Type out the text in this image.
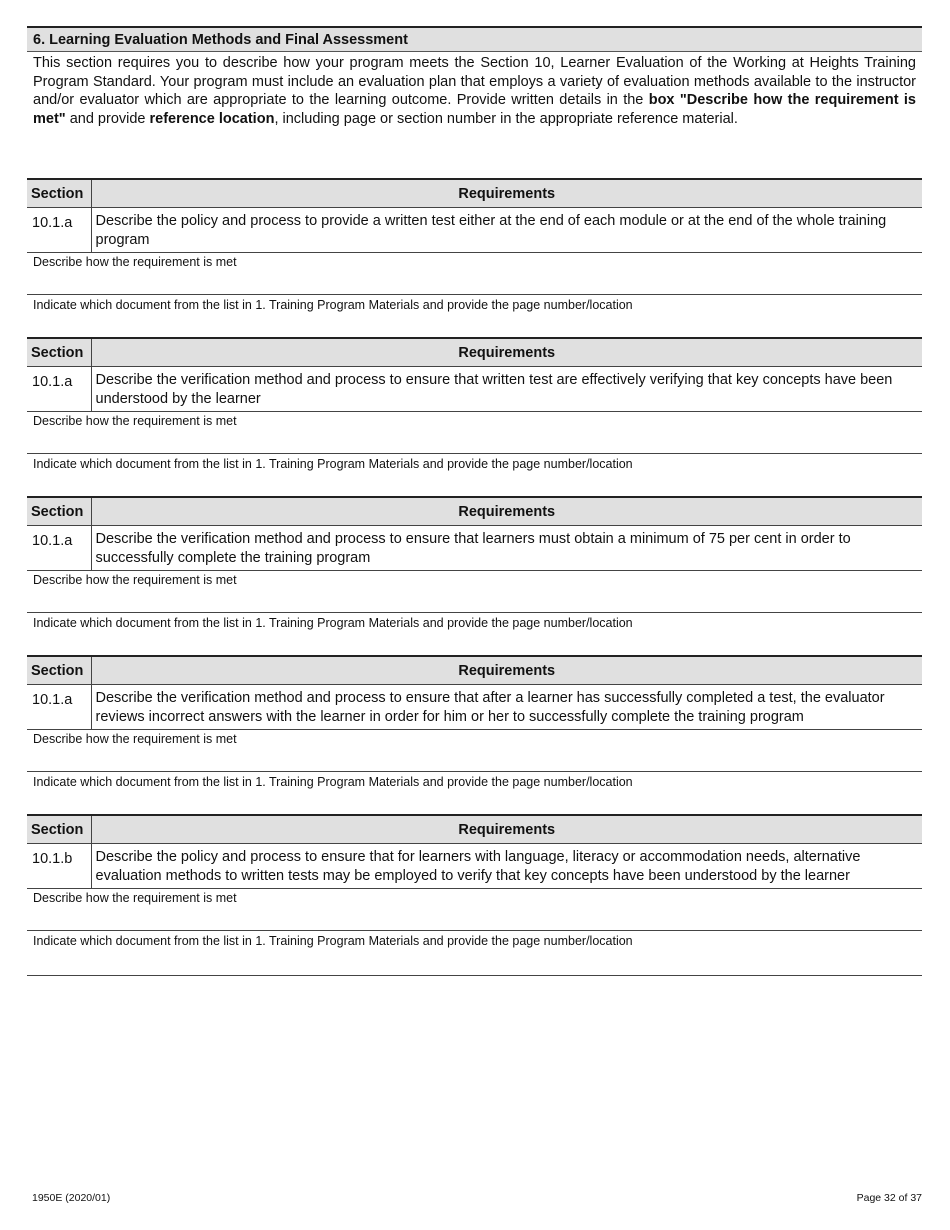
6. Learning Evaluation Methods and Final Assessment
This section requires you to describe how your program meets the Section 10, Learner Evaluation of the Working at Heights Training Program Standard. Your program must include an evaluation plan that employs a variety of evaluation methods available to the instructor and/or evaluator which are appropriate to the learning outcome. Provide written details in the box "Describe how the requirement is met" and provide reference location, including page or section number in the appropriate reference material.
Section	Requirements
10.1.a	Describe the policy and process to provide a written test either at the end of each module or at the end of the whole training program
Describe how the requirement is met
Indicate which document from the list in 1. Training Program Materials and provide the page number/location
Section	Requirements
10.1.a	Describe the verification method and process to ensure that written test are effectively verifying that key concepts have been understood by the learner
Describe how the requirement is met
Indicate which document from the list in 1. Training Program Materials and provide the page number/location
Section	Requirements
10.1.a	Describe the verification method and process to ensure that learners must obtain a minimum of 75 per cent in order to successfully complete the training program
Describe how the requirement is met
Indicate which document from the list in 1. Training Program Materials and provide the page number/location
Section	Requirements
10.1.a	Describe the verification method and process to ensure that after a learner has successfully completed a test, the evaluator reviews incorrect answers with the learner in order for him or her to successfully complete the training program
Describe how the requirement is met
Indicate which document from the list in 1. Training Program Materials and provide the page number/location
Section	Requirements
10.1.b	Describe the policy and process to ensure that for learners with language, literacy or accommodation needs, alternative evaluation methods to written tests may be employed to verify that key concepts have been understood by the learner
Describe how the requirement is met
Indicate which document from the list in 1. Training Program Materials and provide the page number/location
1950E (2020/01)	Page 32 of 37
